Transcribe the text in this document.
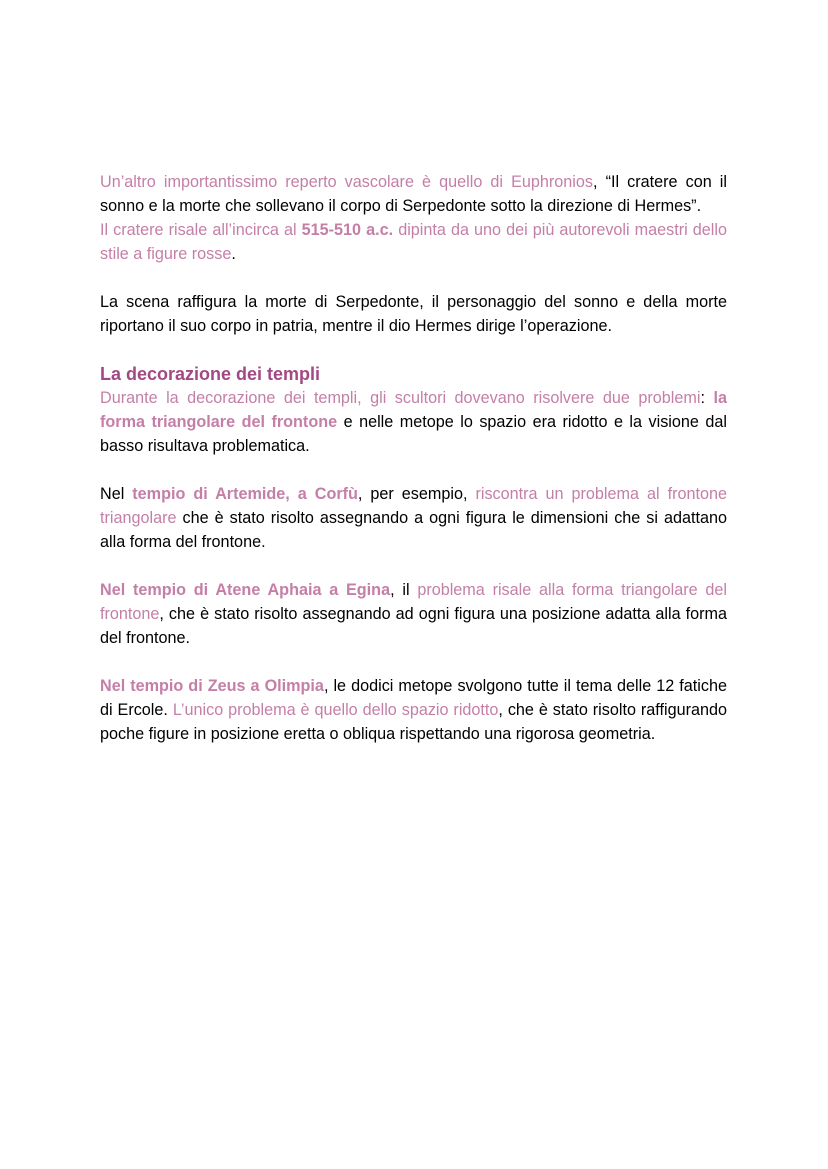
Un’altro importantissimo reperto vascolare è quello di Euphronios, “Il cratere con il sonno e la morte che sollevano il corpo di Serpedonte sotto la direzione di Hermes”.

Il cratere risale all’incirca al 515-510 a.c. dipinta da uno dei più autorevoli maestri dello stile a figure rosse.

La scena raffigura la morte di Serpedonte, il personaggio del sonno e della morte riportano il suo corpo in patria, mentre il dio Hermes dirige l’operazione.

La decorazione dei templi

Durante la decorazione dei templi, gli scultori dovevano risolvere due problemi: la forma triangolare del frontone e nelle metope lo spazio era ridotto e la visione dal basso risultava problematica.

Nel tempio di Artemide, a Corfù, per esempio, riscontra un problema al frontone triangolare che è stato risolto assegnando a ogni figura le dimensioni che si adattano alla forma del frontone.

Nel tempio di Atene Aphaia a Egina, il problema risale alla forma triangolare del frontone, che è stato risolto assegnando ad ogni figura una posizione adatta alla forma del frontone.

Nel tempio di Zeus a Olimpia, le dodici metope svolgono tutte il tema delle 12 fatiche di Ercole. L’unico problema è quello dello spazio ridotto, che è stato risolto raffigurando poche figure in posizione eretta o obliqua rispettando una rigorosa geometria.
